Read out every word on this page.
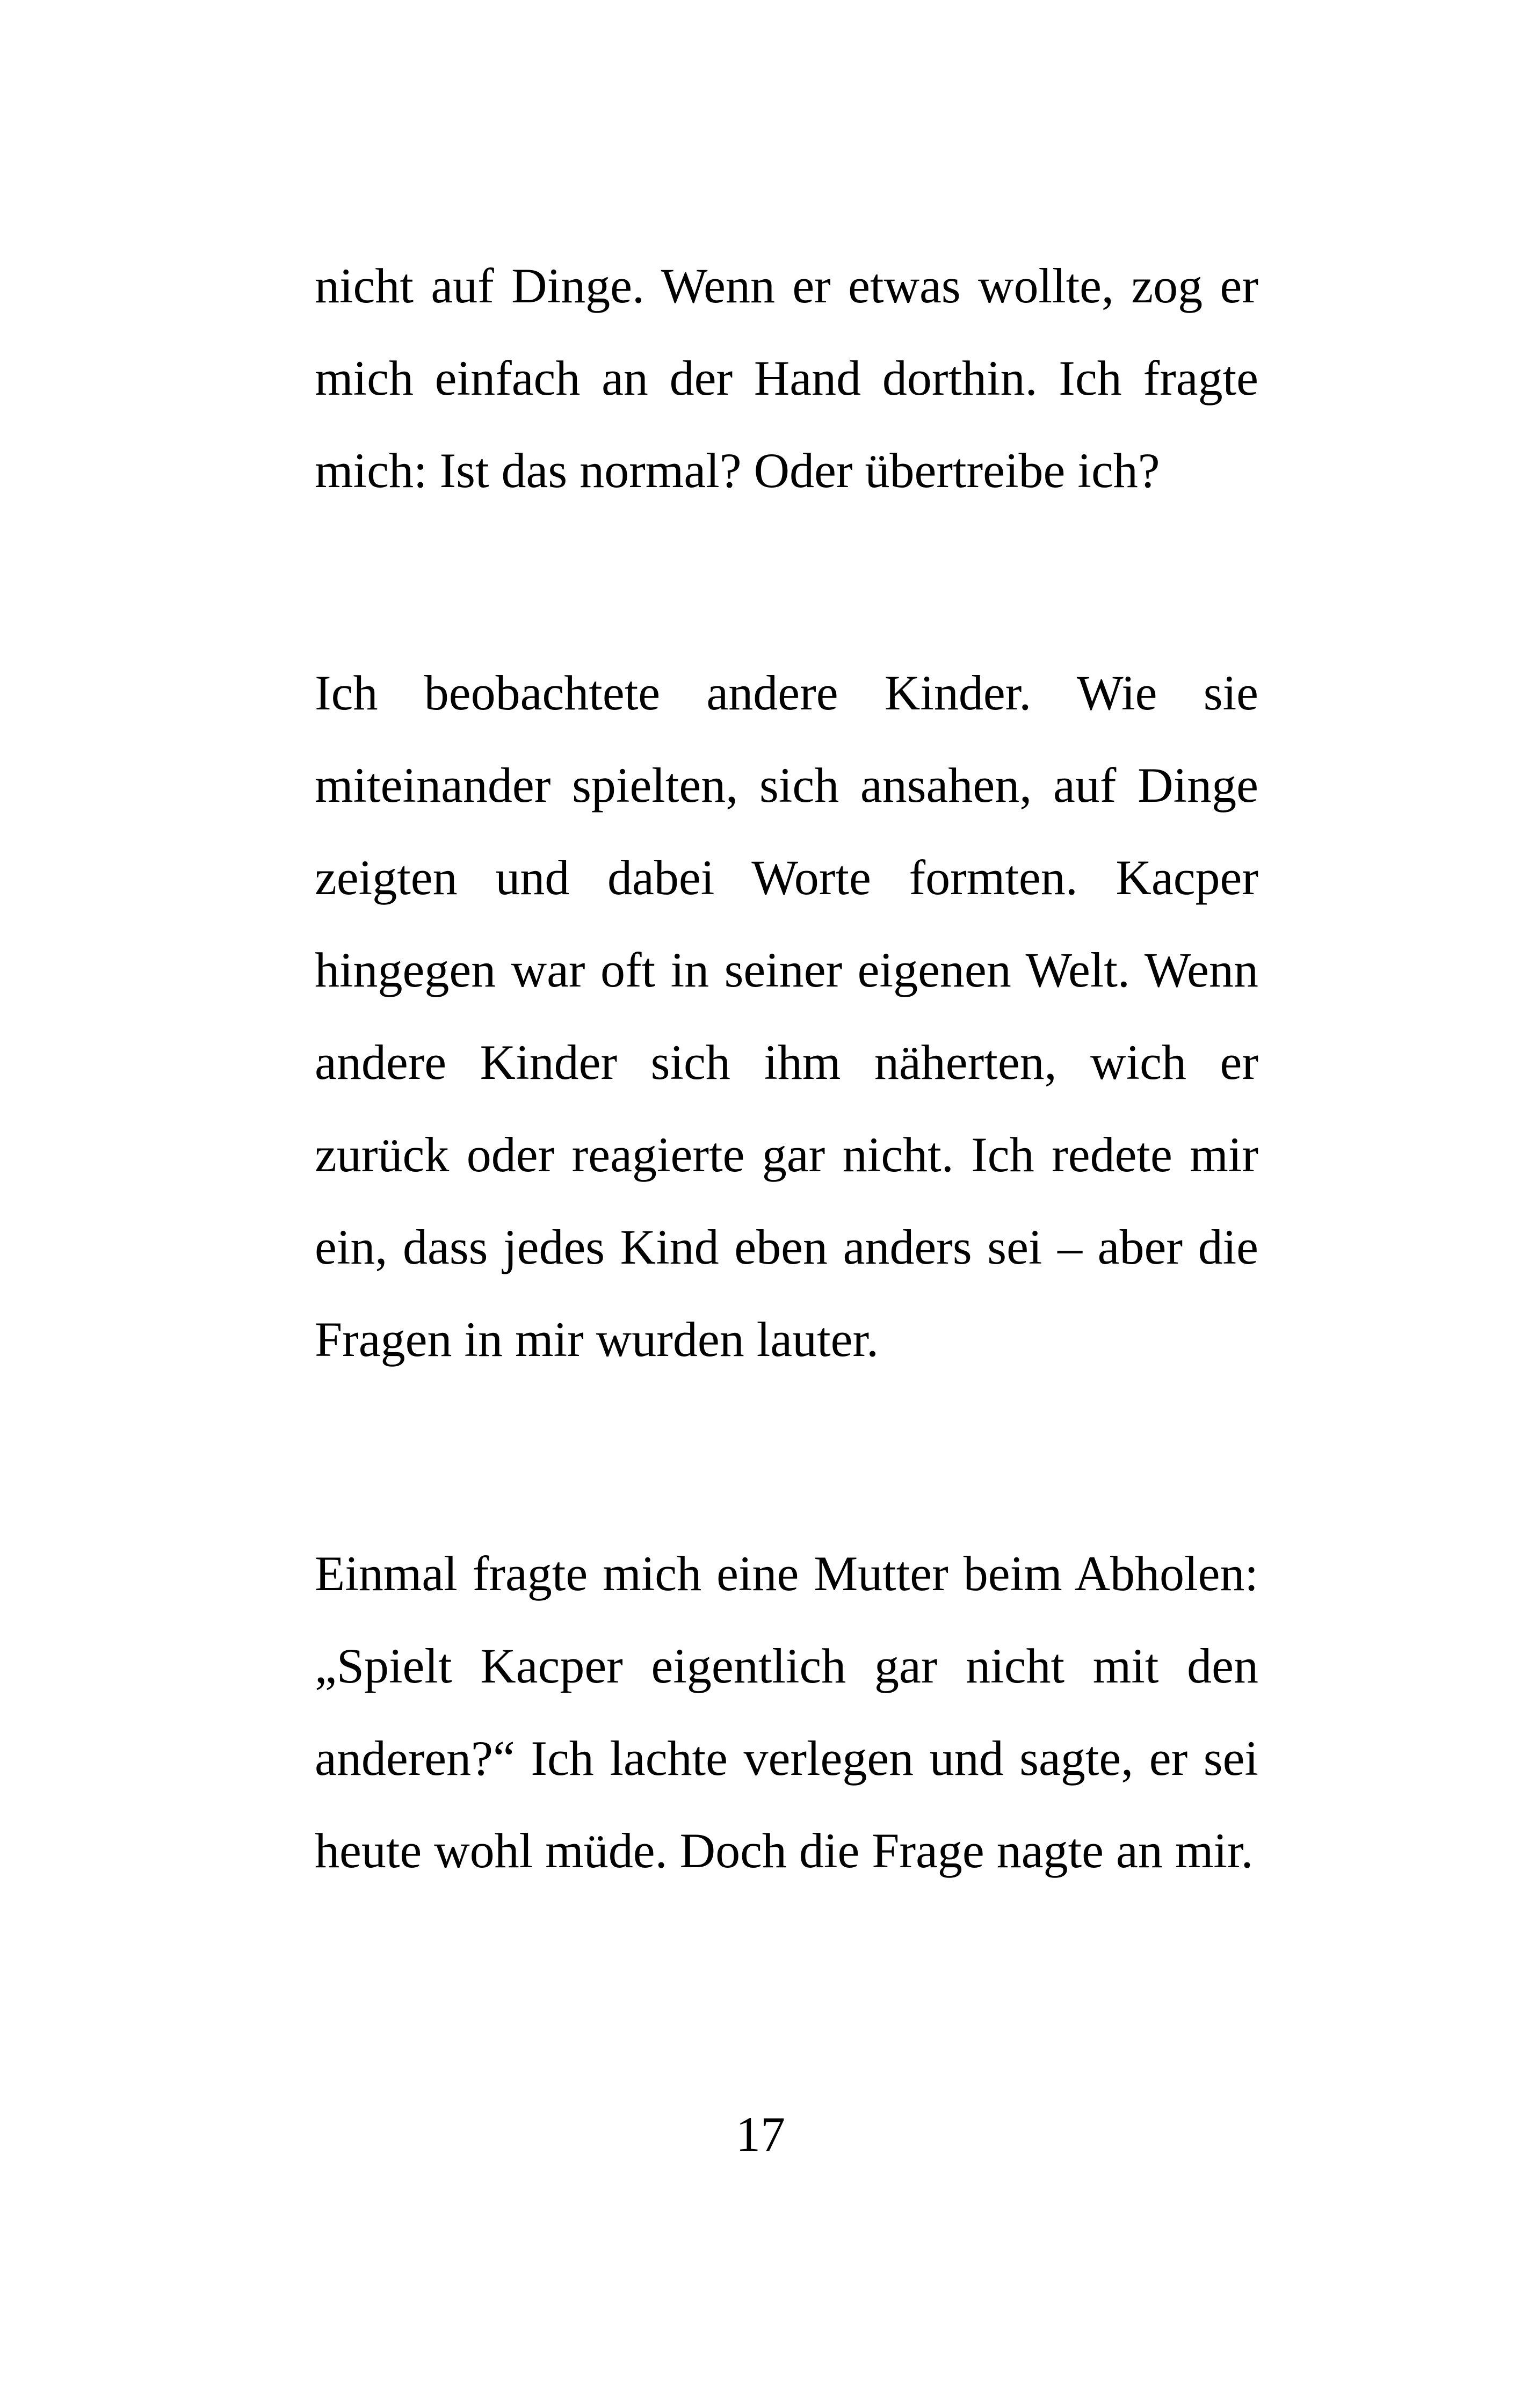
nicht auf Dinge. Wenn er etwas wollte, zog er mich einfach an der Hand dorthin. Ich fragte mich: Ist das normal? Oder übertreibe ich?

Ich beobachtete andere Kinder. Wie sie miteinander spielten, sich ansahen, auf Dinge zeigten und dabei Worte formten. Kacper hingegen war oft in seiner eigenen Welt. Wenn andere Kinder sich ihm näherten, wich er zurück oder reagierte gar nicht. Ich redete mir ein, dass jedes Kind eben anders sei – aber die Fragen in mir wurden lauter.

Einmal fragte mich eine Mutter beim Abholen: „Spielt Kacper eigentlich gar nicht mit den anderen?“ Ich lachte verlegen und sagte, er sei heute wohl müde. Doch die Frage nagte an mir.

17
